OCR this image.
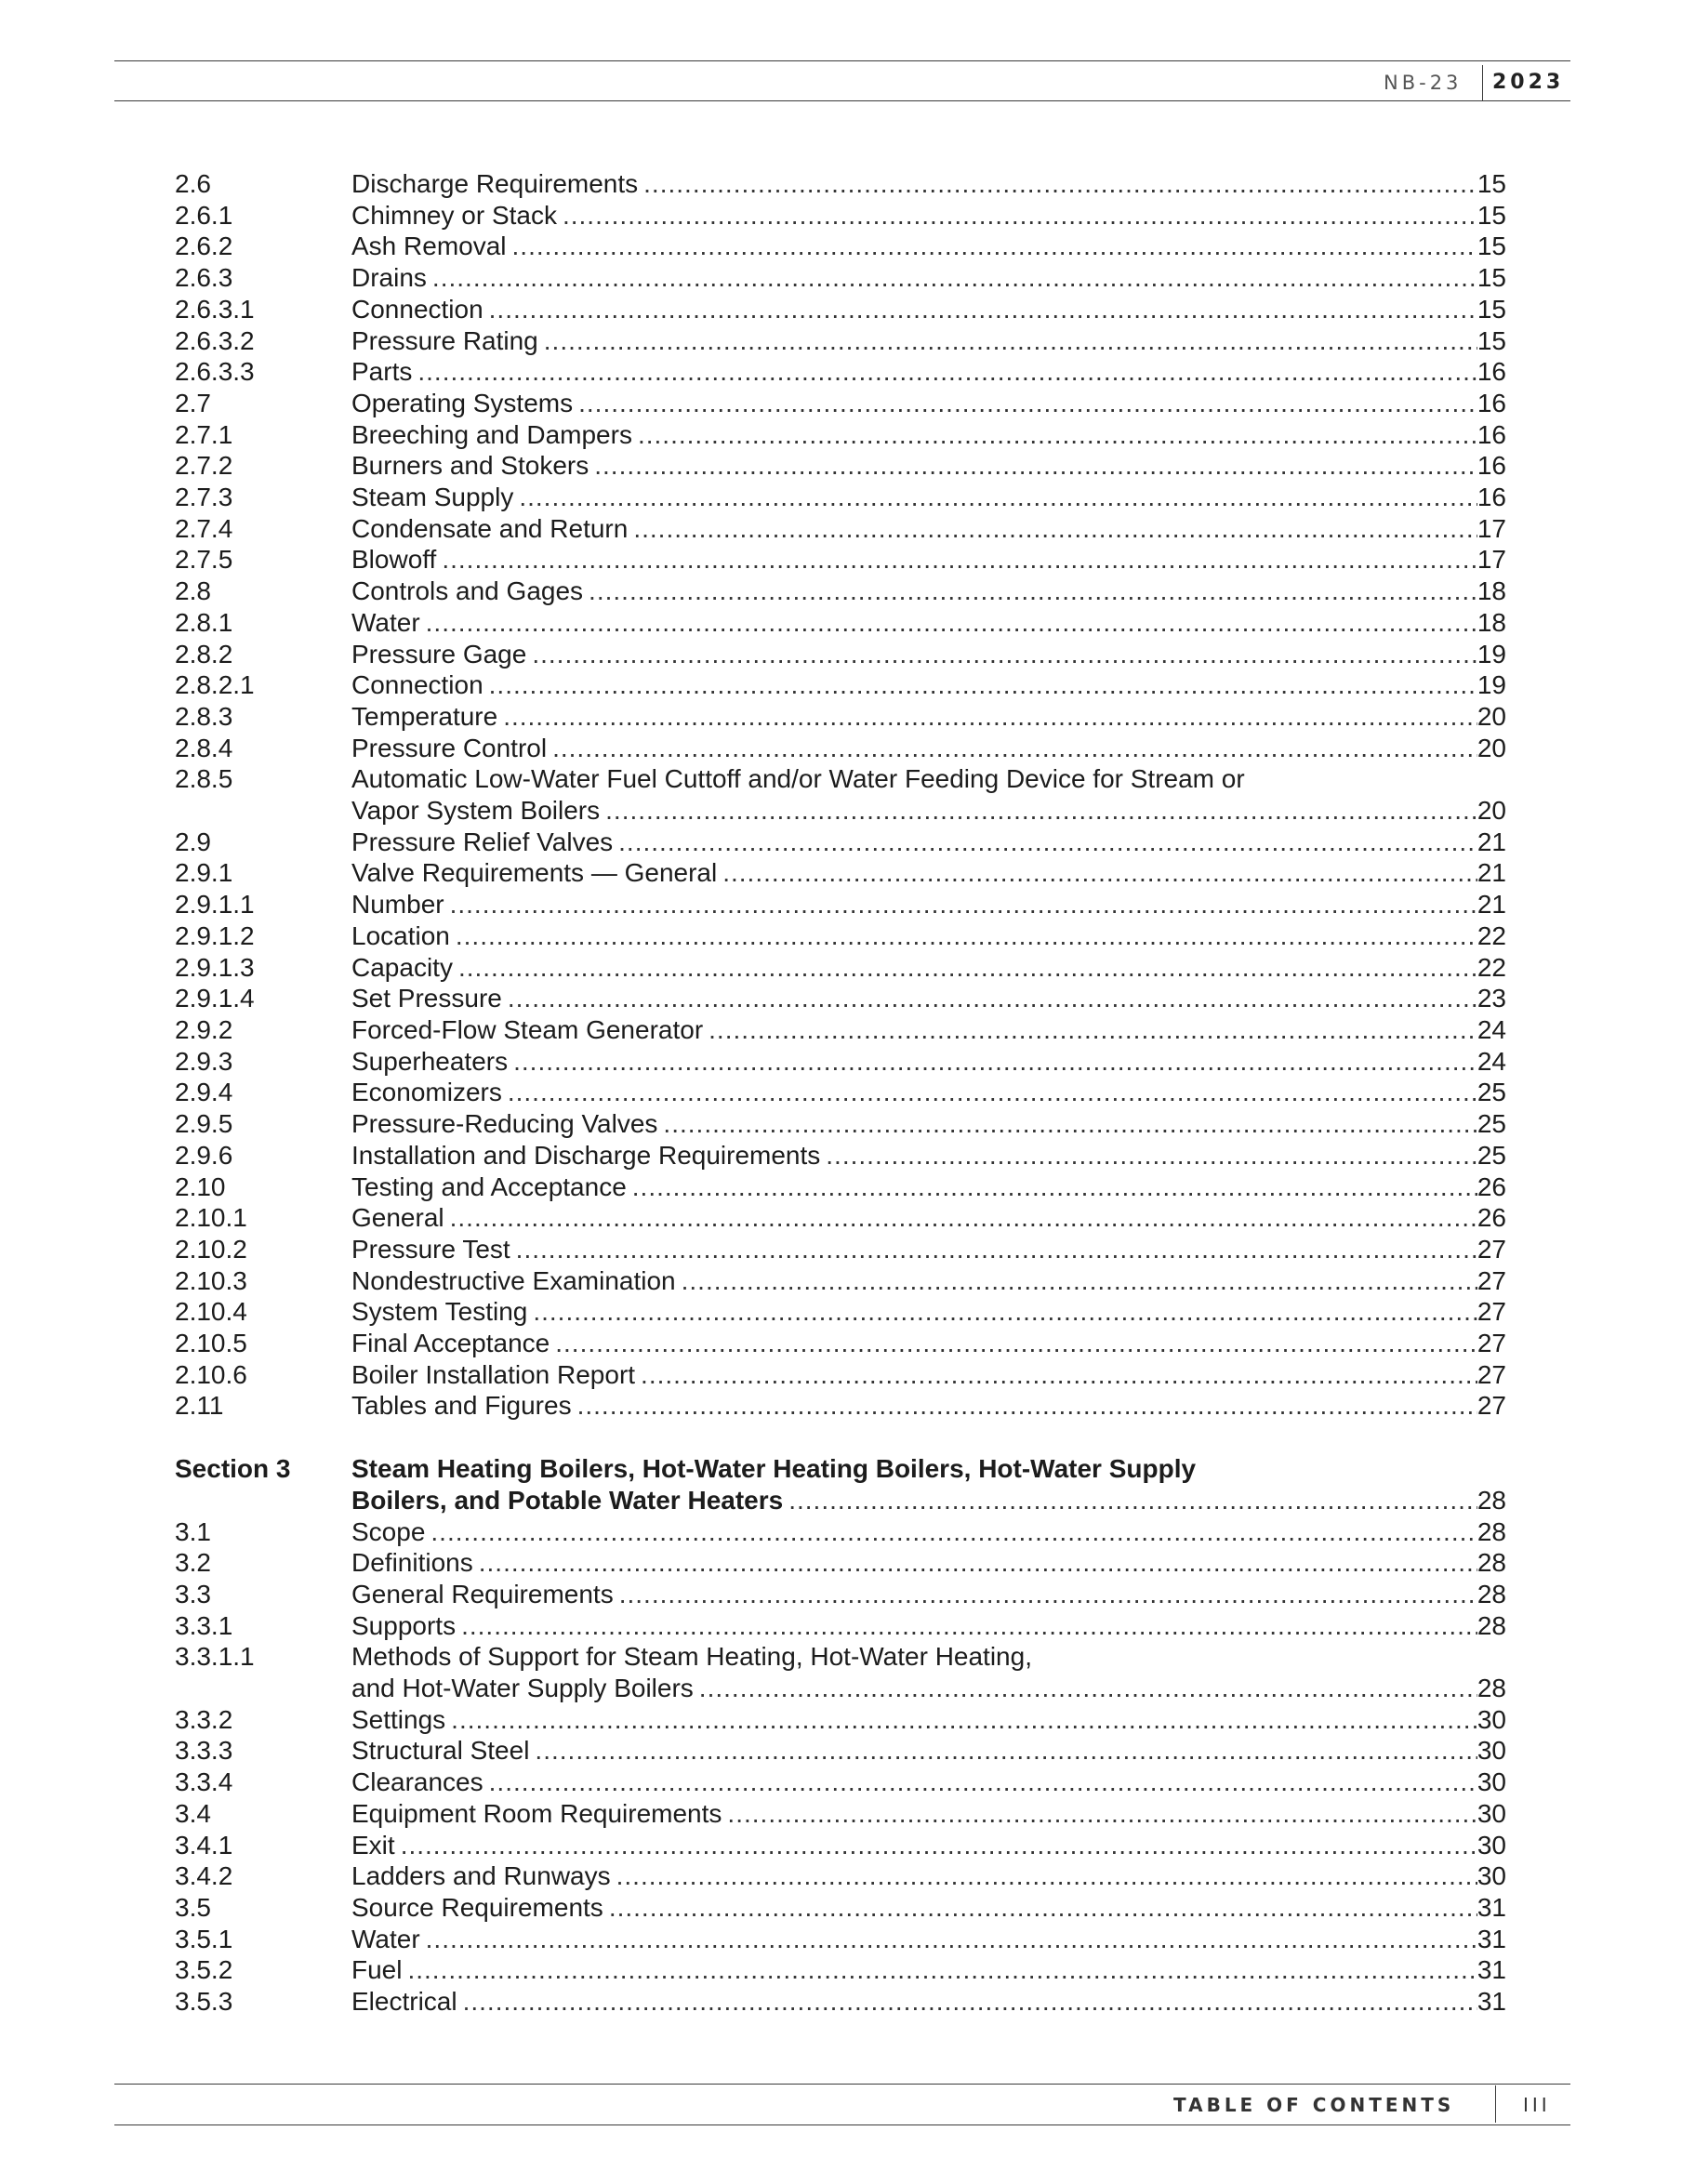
NB-23 2023
2.6	Discharge Requirements .....	15
2.6.1	Chimney or Stack .....	15
2.6.2	Ash Removal .....	15
2.6.3	Drains .....	15
2.6.3.1	Connection .....	15
2.6.3.2	Pressure Rating .....	15
2.6.3.3	Parts .....	16
2.7	Operating Systems .....	16
2.7.1	Breeching and Dampers .....	16
2.7.2	Burners and Stokers .....	16
2.7.3	Steam Supply .....	16
2.7.4	Condensate and Return .....	17
2.7.5	Blowoff .....	17
2.8	Controls and Gages .....	18
2.8.1	Water .....	18
2.8.2	Pressure Gage .....	19
2.8.2.1	Connection .....	19
2.8.3	Temperature .....	20
2.8.4	Pressure Control .....	20
2.8.5	Automatic Low-Water Fuel Cuttoff and/or Water Feeding Device for Stream or
Vapor System Boilers .....	20
2.9	Pressure Relief Valves .....	21
2.9.1	Valve Requirements — General .....	21
2.9.1.1	Number .....	21
2.9.1.2	Location .....	22
2.9.1.3	Capacity .....	22
2.9.1.4	Set Pressure .....	23
2.9.2	Forced-Flow Steam Generator .....	24
2.9.3	Superheaters .....	24
2.9.4	Economizers .....	25
2.9.5	Pressure-Reducing Valves .....	25
2.9.6	Installation and Discharge Requirements .....	25
2.10	Testing and Acceptance .....	26
2.10.1	General .....	26
2.10.2	Pressure Test .....	27
2.10.3	Nondestructive Examination .....	27
2.10.4	System Testing .....	27
2.10.5	Final Acceptance .....	27
2.10.6	Boiler Installation Report .....	27
2.11	Tables and Figures .....	27
Section 3 Steam Heating Boilers, Hot-Water Heating Boilers, Hot-Water Supply
Boilers, and Potable Water Heaters .....	28
3.1	Scope .....	28
3.2	Definitions .....	28
3.3	General Requirements .....	28
3.3.1	Supports .....	28
3.3.1.1	Methods of Support for Steam Heating, Hot-Water Heating,
and Hot-Water Supply Boilers .....	28
3.3.2	Settings .....	30
3.3.3	Structural Steel .....	30
3.3.4	Clearances .....	30
3.4	Equipment Room Requirements .....	30
3.4.1	Exit .....	30
3.4.2	Ladders and Runways .....	30
3.5	Source Requirements .....	31
3.5.1	Water .....	31
3.5.2	Fuel .....	31
3.5.3	Electrical .....	31
TABLE OF CONTENTS	III
